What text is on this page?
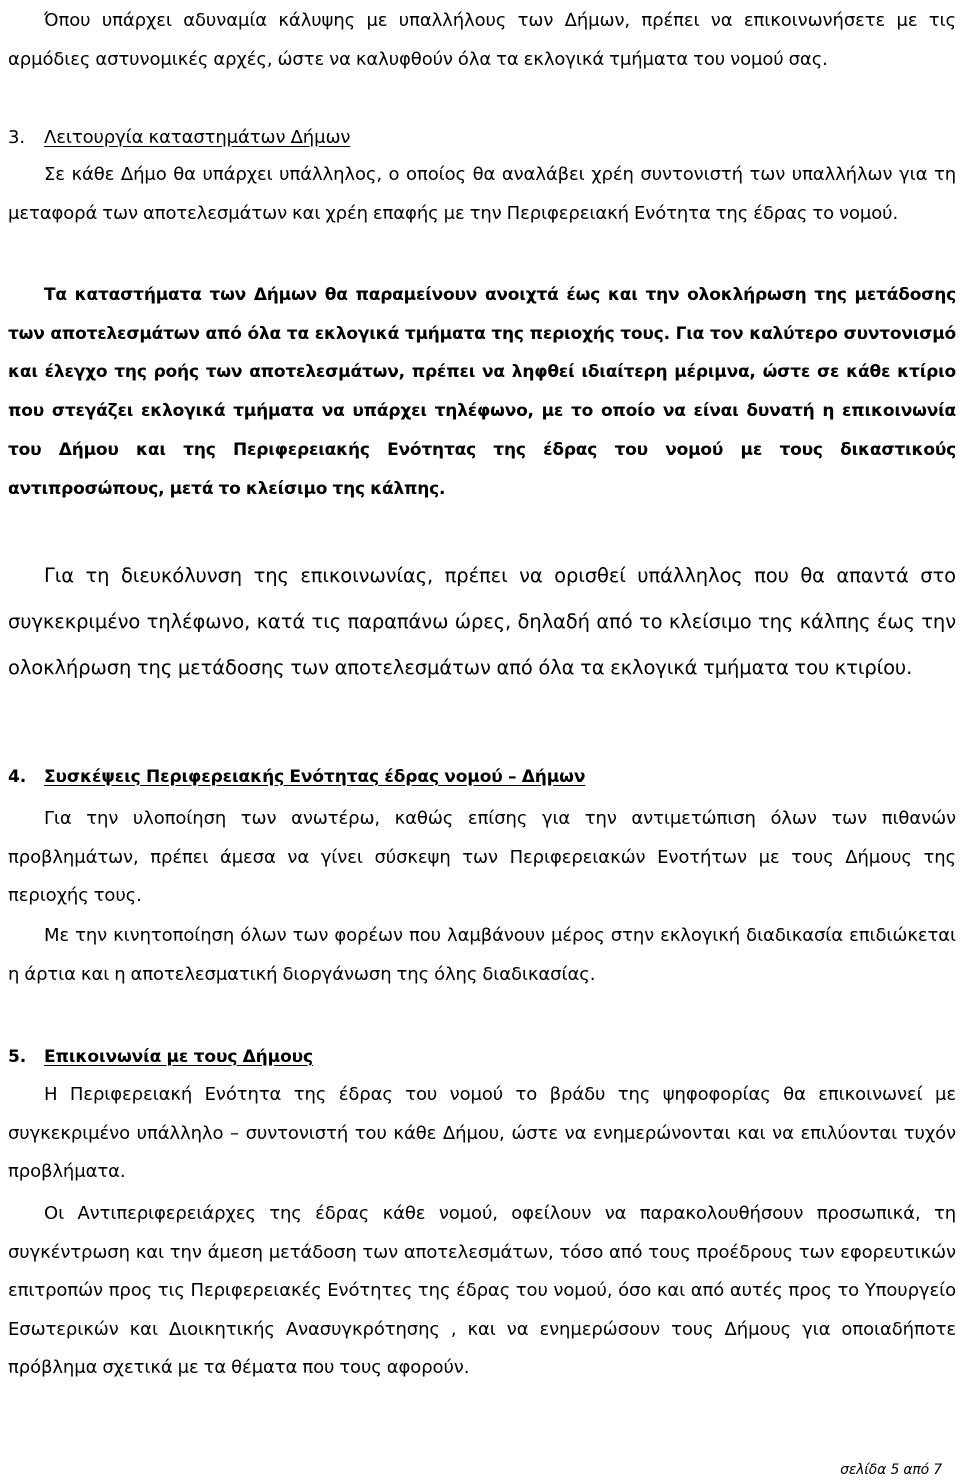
Όπου υπάρχει αδυναμία κάλυψης με υπαλλήλους των Δήμων, πρέπει να επικοινωνήσετε με τις αρμόδιες αστυνομικές αρχές, ώστε να καλυφθούν όλα τα εκλογικά τμήματα του νομού σας.

3. Λειτουργία καταστημάτων Δήμων

Σε κάθε Δήμο θα υπάρχει υπάλληλος, ο οποίος θα αναλάβει χρέη συντονιστή των υπαλλήλων για τη μεταφορά των αποτελεσμάτων και χρέη επαφής με την Περιφερειακή Ενότητα της έδρας το νομού.

Τα καταστήματα των Δήμων θα παραμείνουν ανοιχτά έως και την ολοκλήρωση της μετάδοσης των αποτελεσμάτων από όλα τα εκλογικά τμήματα της περιοχής τους. Για τον καλύτερο συντονισμό και έλεγχο της ροής των αποτελεσμάτων, πρέπει να ληφθεί ιδιαίτερη μέριμνα, ώστε σε κάθε κτίριο που στεγάζει εκλογικά τμήματα να υπάρχει τηλέφωνο, με το οποίο να είναι δυνατή η επικοινωνία του Δήμου και της Περιφερειακής Ενότητας της έδρας του νομού με τους δικαστικούς αντιπροσώπους, μετά το κλείσιμο της κάλπης.

Για τη διευκόλυνση της επικοινωνίας, πρέπει να ορισθεί υπάλληλος που θα απαντά στο συγκεκριμένο τηλέφωνο, κατά τις παραπάνω ώρες, δηλαδή από το κλείσιμο της κάλπης έως την ολοκλήρωση της μετάδοσης των αποτελεσμάτων από όλα τα εκλογικά τμήματα του κτιρίου.

4. Συσκέψεις Περιφερειακής Ενότητας έδρας νομού – Δήμων

Για την υλοποίηση των ανωτέρω, καθώς επίσης για την αντιμετώπιση όλων των πιθανών προβλημάτων, πρέπει άμεσα να γίνει σύσκεψη των Περιφερειακών Ενοτήτων με τους Δήμους της περιοχής τους.

Με την κινητοποίηση όλων των φορέων που λαμβάνουν μέρος στην εκλογική διαδικασία επιδιώκεται η άρτια και η αποτελεσματική διοργάνωση της όλης διαδικασίας.

5. Επικοινωνία με τους Δήμους

Η Περιφερειακή Ενότητα της έδρας του νομού το βράδυ της ψηφοφορίας θα επικοινωνεί με συγκεκριμένο υπάλληλο – συντονιστή του κάθε Δήμου, ώστε να ενημερώνονται και να επιλύονται τυχόν προβλήματα.

Οι Αντιπεριφερειάρχες της έδρας κάθε νομού, οφείλουν να παρακολουθήσουν προσωπικά, τη συγκέντρωση και την άμεση μετάδοση των αποτελεσμάτων, τόσο από τους προέδρους των εφορευτικών επιτροπών προς τις Περιφερειακές Ενότητες της έδρας του νομού, όσο και από αυτές προς το Υπουργείο Εσωτερικών και Διοικητικής Ανασυγκρότησης , και να ενημερώσουν τους Δήμους για οποιαδήποτε πρόβλημα σχετικά με τα θέματα που τους αφορούν.

σελίδα 5 από 7
